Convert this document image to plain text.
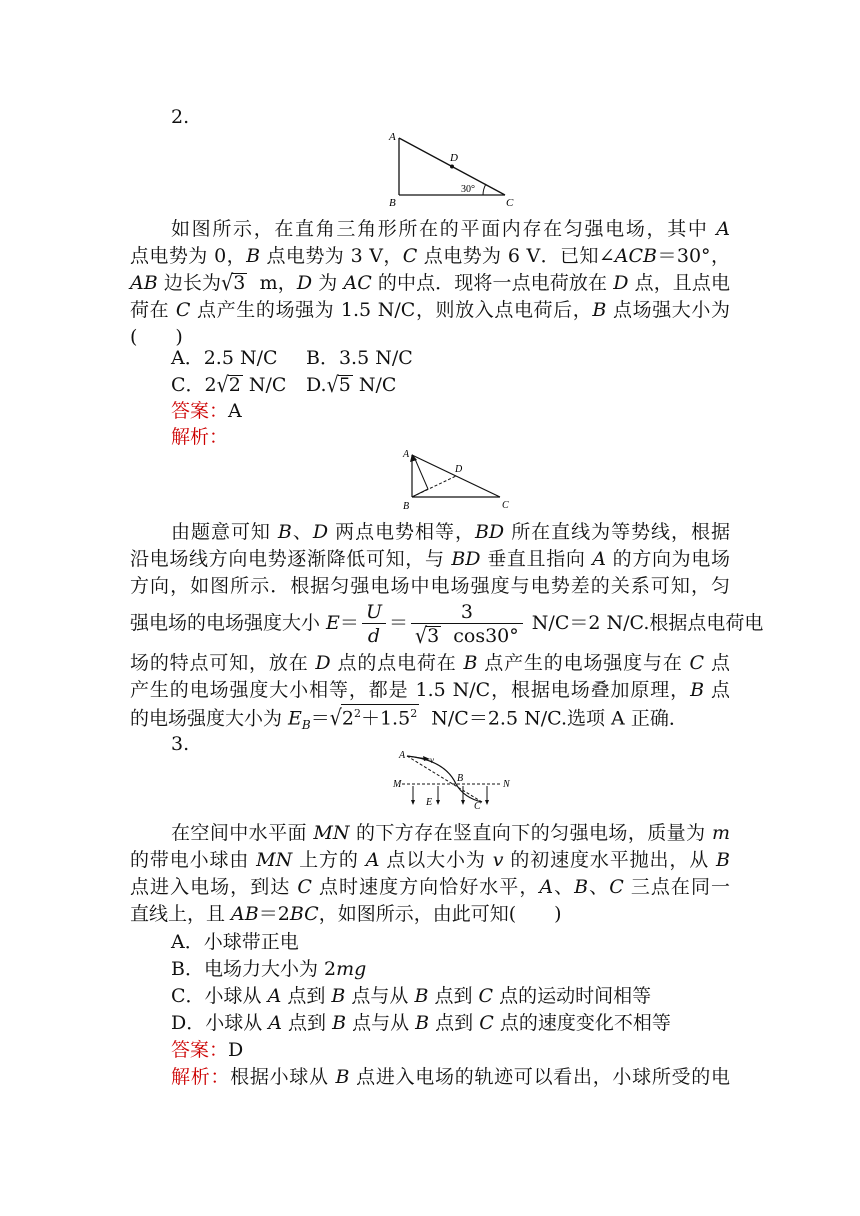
2.
A
B	C
D
30°
如图所示，在直角三角形所在的平面内存在匀强电场，其中 A
点电势为 0，B 点电势为 3 V，C 点电势为 6 V．已知∠ACB＝30°，
AB 边长为√3  m，D 为 AC 的中点．现将一点电荷放在 D 点，且点电
荷在 C 点产生的场强为 1.5 N/C，则放入点电荷后，B 点场强大小为
(　　)
A．2.5 N/C	B．3.5 N/C
C．2√2 N/C	D.√5 N/C
答案：A
解析：
A
B	C
D
由题意可知 B、D 两点电势相等，BD 所在直线为等势线，根据
沿电场线方向电势逐渐降低可知，与 BD 垂直且指向 A 的方向为电场
方向，如图所示．根据匀强电场中电场强度与电势差的关系可知，匀
强电场的电场强度大小 $E= \frac{U}{d} = \frac{3}{√3 \cos 30^\circ} N/C=2$ N/C.根据点电荷电
场的特点可知，放在 D 点的点电荷在 B 点产生的电场强度与在 C 点
产生的电场强度大小相等，都是 1.5 N/C，根据电场叠加原理，B 点
的电场强度大小为 $E_B=√2^2+1.5^2$  N/C＝2.5 N/C.选项 A 正确．
3.
A	v
M
B
N
E	C
在空间中水平面 MN 的下方存在竖直向下的匀强电场，质量为 m
的带电小球由 MN 上方的 A 点以大小为 v 的初速度水平抛出，从 B
点进入电场，到达 C 点时速度方向恰好水平，A、B、C 三点在同一
直线上，且 AB＝2BC，如图所示，由此可知(　　)
A．小球带正电
B．电场力大小为 2mg
C．小球从 A 点到 B 点与从 B 点到 C 点的运动时间相等
D．小球从 A 点到 B 点与从 B 点到 C 点的速度变化不相等
答案：D
解析：根据小球从 B 点进入电场的轨迹可以看出，小球所受的电
